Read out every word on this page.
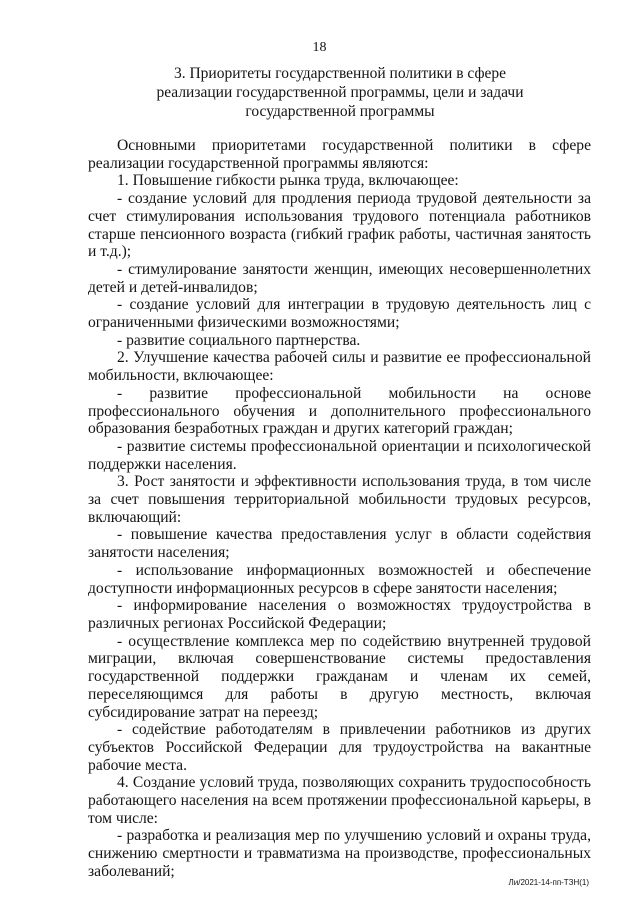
18
3. Приоритеты государственной политики в сфере
реализации государственной программы, цели и задачи
государственной программы

Основными приоритетами государственной политики в сфере реализации государственной программы являются:

1. Повышение гибкости рынка труда, включающее:

- создание условий для продления периода трудовой деятельности за счет стимулирования использования трудового потенциала работников старше пенсионного возраста (гибкий график работы, частичная занятость и т.д.);

- стимулирование занятости женщин, имеющих несовершеннолетних детей и детей-инвалидов;

- создание условий для интеграции в трудовую деятельность лиц с ограниченными физическими возможностями;

- развитие социального партнерства.

2. Улучшение качества рабочей силы и развитие ее профессиональной мобильности, включающее:

- развитие профессиональной мобильности на основе профессионального обучения и дополнительного профессионального образования безработных граждан и других категорий граждан;

- развитие системы профессиональной ориентации и психологической поддержки населения.

3. Рост занятости и эффективности использования труда, в том числе за счет повышения территориальной мобильности трудовых ресурсов, включающий:

- повышение качества предоставления услуг в области содействия занятости населения;

- использование информационных возможностей и обеспечение доступности информационных ресурсов в сфере занятости населения;

- информирование населения о возможностях трудоустройства в различных регионах Российской Федерации;

- осуществление комплекса мер по содействию внутренней трудовой миграции, включая совершенствование системы предоставления государственной поддержки гражданам и членам их семей, переселяющимся для работы в другую местность, включая субсидирование затрат на переезд;

- содействие работодателям в привлечении работников из других субъектов Российской Федерации для трудоустройства на вакантные рабочие места.

4. Создание условий труда, позволяющих сохранить трудоспособность работающего населения на всем протяжении профессиональной карьеры, в том числе:

- разработка и реализация мер по улучшению условий и охраны труда, снижению смертности и травматизма на производстве, профессиональных заболеваний;

Ли/2021-14-пп-ТЗН(1)
